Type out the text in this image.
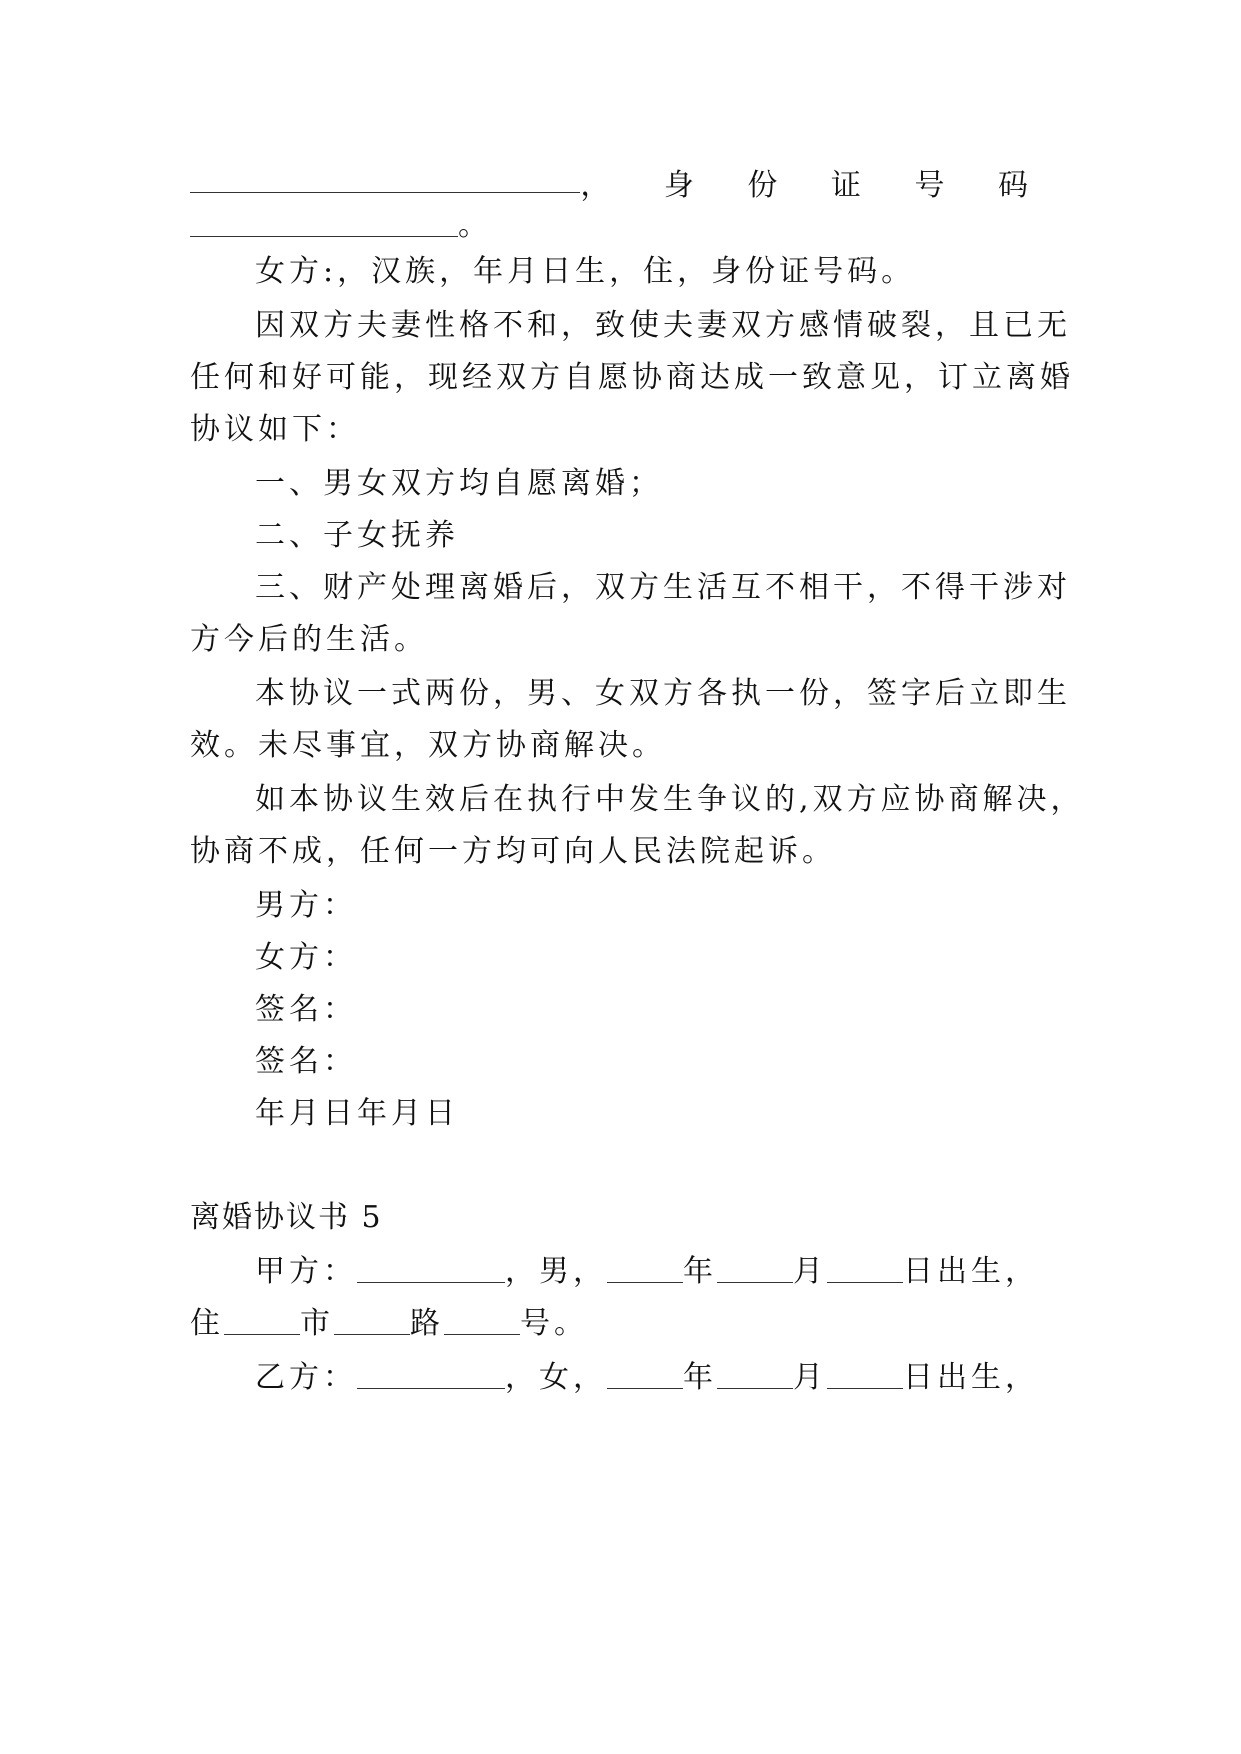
， 身 份 证 号 码
。
女方:，汉族，年月日生，住，身份证号码。
因双方夫妻性格不和，致使夫妻双方感情破裂，且已无
任何和好可能，现经双方自愿协商达成一致意见，订立离婚
协议如下：
一、男女双方均自愿离婚；
二、子女抚养
三、财产处理离婚后，双方生活互不相干，不得干涉对
方今后的生活。
本协议一式两份，男、女双方各执一份，签字后立即生
效。未尽事宜，双方协商解决。
如本协议生效后在执行中发生争议的,双方应协商解决，
协商不成，任何一方均可向人民法院起诉。
男方：
女方：
签名：
签名：
年月日年月日
离婚协议书 5
甲方：	，男，	年	月	日出生，
住	市	路	号。
乙方：	，女，	年	月	日出生，
